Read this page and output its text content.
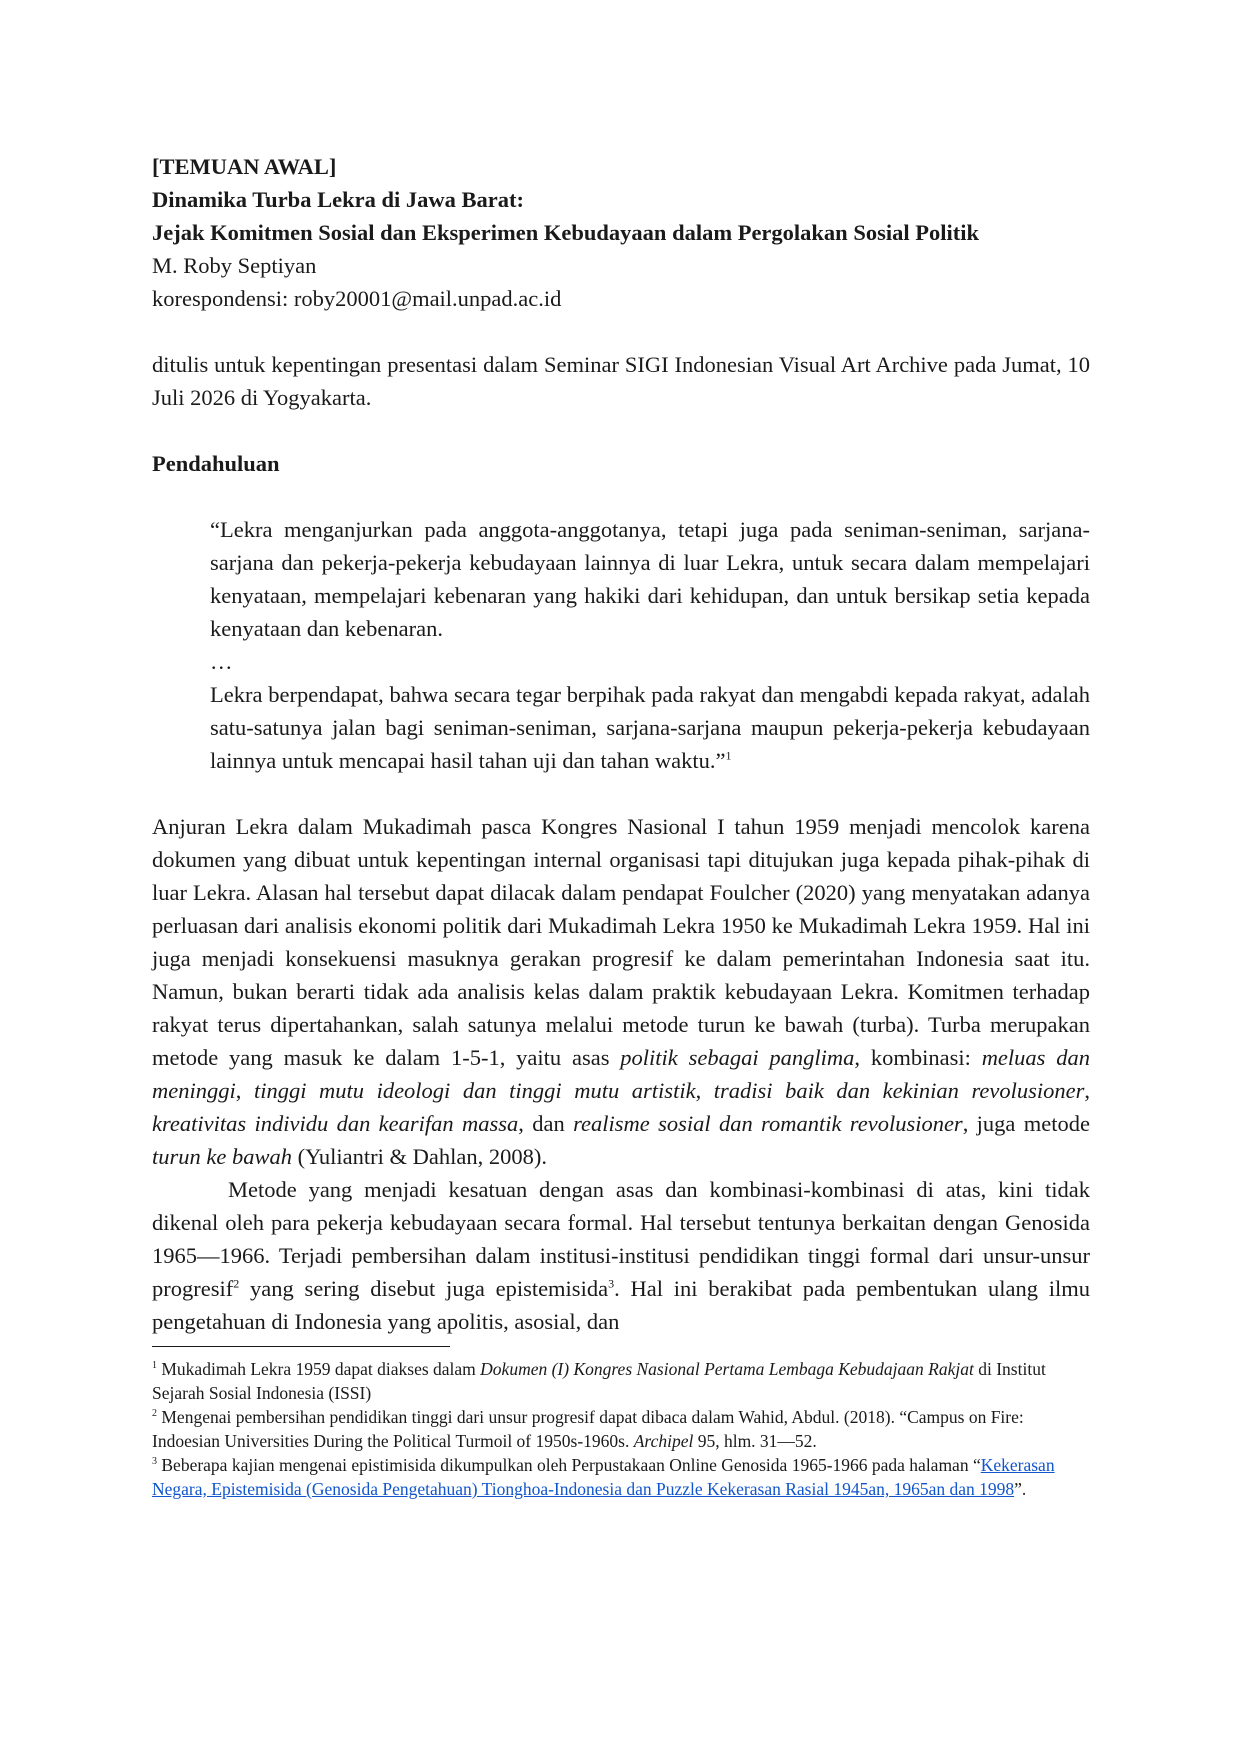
[TEMUAN AWAL]
Dinamika Turba Lekra di Jawa Barat:
Jejak Komitmen Sosial dan Eksperimen Kebudayaan dalam Pergolakan Sosial Politik
M. Roby Septiyan
korespondensi: roby20001@mail.unpad.ac.id

ditulis untuk kepentingan presentasi dalam Seminar SIGI Indonesian Visual Art Archive pada Jumat, 10 Juli 2026 di Yogyakarta.

Pendahuluan

“Lekra menganjurkan pada anggota-anggotanya, tetapi juga pada seniman-seniman, sarjana-sarjana dan pekerja-pekerja kebudayaan lainnya di luar Lekra, untuk secara dalam mempelajari kenyataan, mempelajari kebenaran yang hakiki dari kehidupan, dan untuk bersikap setia kepada kenyataan dan kebenaran.

…

Lekra berpendapat, bahwa secara tegar berpihak pada rakyat dan mengabdi kepada rakyat, adalah satu-satunya jalan bagi seniman-seniman, sarjana-sarjana maupun pekerja-pekerja kebudayaan lainnya untuk mencapai hasil tahan uji dan tahan waktu.”$^1$

Anjuran Lekra dalam Mukadimah pasca Kongres Nasional I tahun 1959 menjadi mencolok karena dokumen yang dibuat untuk kepentingan internal organisasi tapi ditujukan juga kepada pihak-pihak di luar Lekra. Alasan hal tersebut dapat dilacak dalam pendapat Foulcher (2020) yang menyatakan adanya perluasan dari analisis ekonomi politik dari Mukadimah Lekra 1950 ke Mukadimah Lekra 1959. Hal ini juga menjadi konsekuensi masuknya gerakan progresif ke dalam pemerintahan Indonesia saat itu. Namun, bukan berarti tidak ada analisis kelas dalam praktik kebudayaan Lekra. Komitmen terhadap rakyat terus dipertahankan, salah satunya melalui metode turun ke bawah (turba). Turba merupakan metode yang masuk ke dalam 1-5-1, yaitu asas politik sebagai panglima, kombinasi: meluas dan meninggi, tinggi mutu ideologi dan tinggi mutu artistik, tradisi baik dan kekinian revolusioner, kreativitas individu dan kearifan massa, dan realisme sosial dan romantik revolusioner, juga metode turun ke bawah (Yuliantri & Dahlan, 2008).

Metode yang menjadi kesatuan dengan asas dan kombinasi-kombinasi di atas, kini tidak dikenal oleh para pekerja kebudayaan secara formal. Hal tersebut tentunya berkaitan dengan Genosida 1965—1966. Terjadi pembersihan dalam institusi-institusi pendidikan tinggi formal dari unsur-unsur progresif$^2$ yang sering disebut juga epistemisida$^3$. Hal ini berakibat pada pembentukan ulang ilmu pengetahuan di Indonesia yang apolitis, asosial, dan

$^1$ Mukadimah Lekra 1959 dapat diakses dalam Dokumen (I) Kongres Nasional Pertama Lembaga Kebudajaan Rakjat di Institut Sejarah Sosial Indonesia (ISSI)

$^2$ Mengenai pembersihan pendidikan tinggi dari unsur progresif dapat dibaca dalam Wahid, Abdul. (2018). “Campus on Fire: Indoesian Universities During the Political Turmoil of 1950s-1960s. Archipel 95, hlm. 31—52.

$^3$ Beberapa kajian mengenai epistimisida dikumpulkan oleh Perpustakaan Online Genosida 1965-1966 pada halaman “Kekerasan Negara, Epistemisida (Genosida Pengetahuan) Tionghoa-Indonesia dan Puzzle Kekerasan Rasial 1945an, 1965an dan 1998”.
